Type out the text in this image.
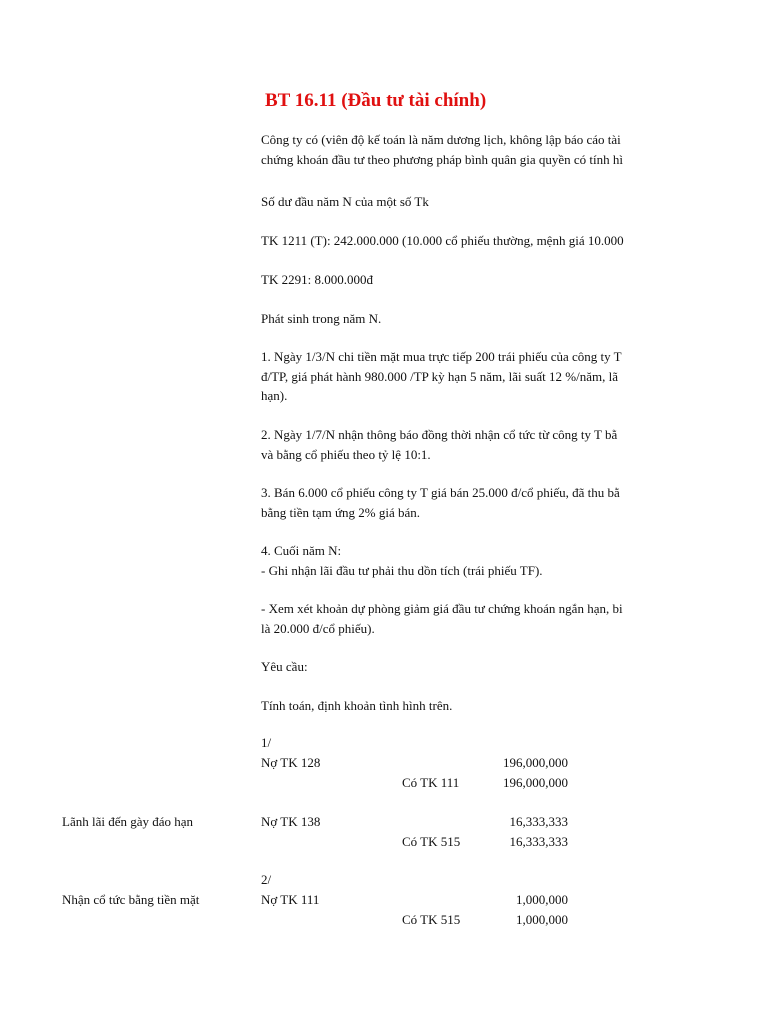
BT 16.11 (Đầu tư tài chính)
Công ty có (viên độ kế toán là năm dương lịch, không lập báo cáo tài
chứng khoán đầu tư theo phương pháp bình quân gia quyền có tính hì
Số dư đầu năm N của một số Tk
TK 1211 (T): 242.000.000 (10.000 cổ phiếu thường, mệnh giá 10.000
TK 2291: 8.000.000đ
Phát sinh trong năm N.
1. Ngày 1/3/N chi tiền mặt mua trực tiếp 200 trái phiếu của công ty T
đ/TP, giá phát hành 980.000 /TP kỳ hạn 5 năm, lãi suất 12 %/năm, lã
hạn).
2. Ngày 1/7/N nhận thông báo đồng thời nhận cổ tức từ công ty T bằ
và bằng cổ phiếu theo tỷ lệ 10:1.
3. Bán 6.000 cổ phiếu công ty T giá bán 25.000 đ/cổ phiếu, đã thu bằ
bằng tiền tạm ứng 2% giá bán.
4. Cuối năm N:
- Ghi nhận lãi đầu tư phải thu dồn tích (trái phiếu TF).
- Xem xét khoản dự phòng giảm giá đầu tư chứng khoán ngắn hạn, bi
là 20.000 đ/cổ phiếu).
Yêu cầu:
Tính toán, định khoản tình hình trên.
1/
Nợ TK 128	196,000,000
Có TK 111	196,000,000
Lãnh lãi đến gày đáo hạn	Nợ TK 138	16,333,333
Có TK 515	16,333,333
2/
Nhận cổ tức bằng tiền mặt	Nợ TK 111	1,000,000
Có TK 515	1,000,000
